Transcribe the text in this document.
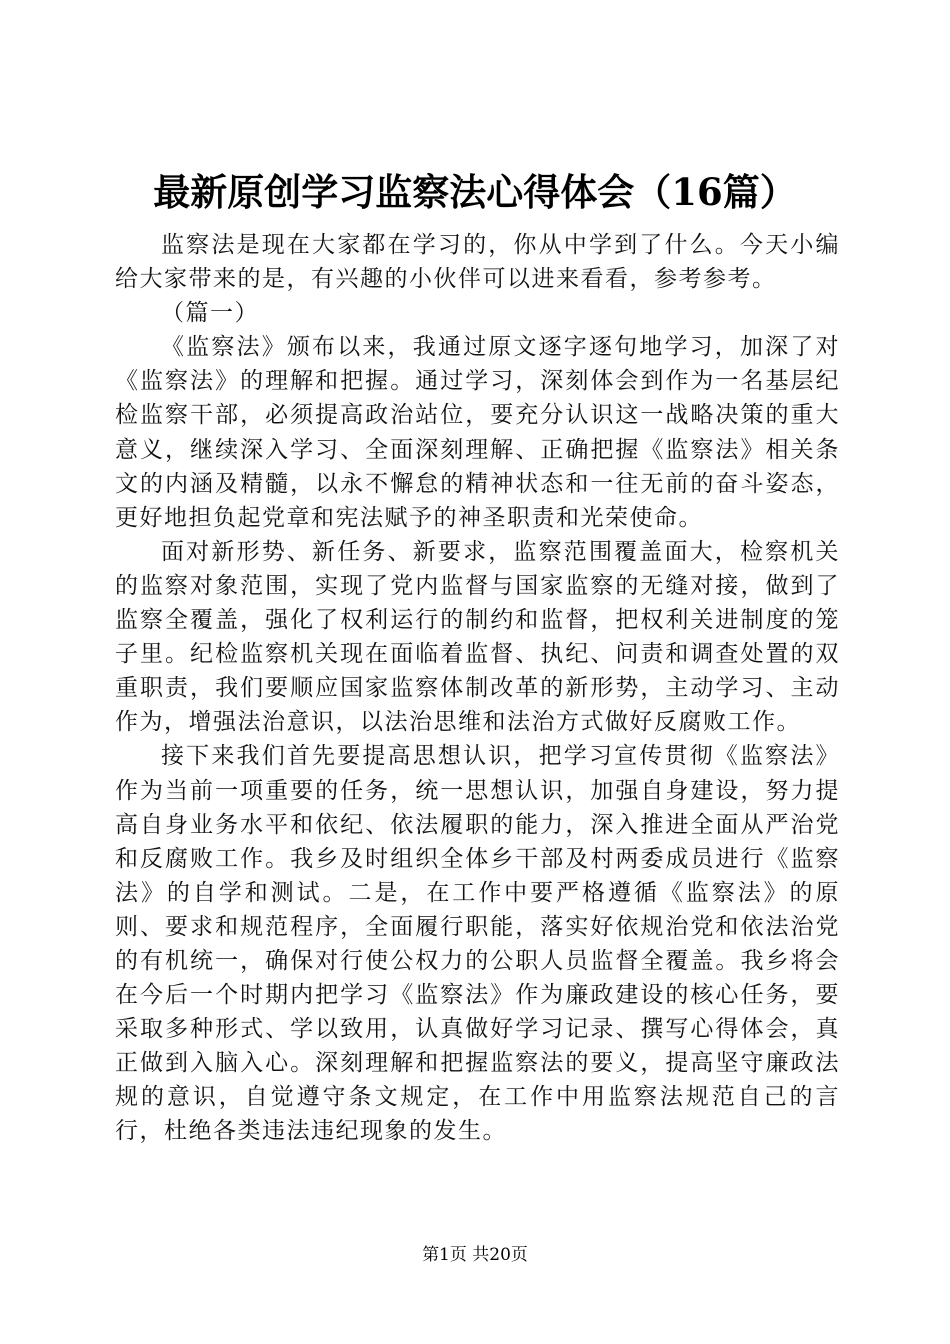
最新原创学习监察法心得体会（16篇）

监察法是现在大家都在学习的，你从中学到了什么。今天小编给大家带来的是，有兴趣的小伙伴可以进来看看，参考参考。

（篇一）

《监察法》颁布以来，我通过原文逐字逐句地学习，加深了对《监察法》的理解和把握。通过学习，深刻体会到作为一名基层纪检监察干部，必须提高政治站位，要充分认识这一战略决策的重大意义，继续深入学习、全面深刻理解、正确把握《监察法》相关条文的内涵及精髓，以永不懈怠的精神状态和一往无前的奋斗姿态，更好地担负起党章和宪法赋予的神圣职责和光荣使命。

面对新形势、新任务、新要求，监察范围覆盖面大，检察机关的监察对象范围，实现了党内监督与国家监察的无缝对接，做到了监察全覆盖，强化了权利运行的制约和监督，把权利关进制度的笼子里。纪检监察机关现在面临着监督、执纪、问责和调查处置的双重职责，我们要顺应国家监察体制改革的新形势，主动学习、主动作为，增强法治意识，以法治思维和法治方式做好反腐败工作。

接下来我们首先要提高思想认识，把学习宣传贯彻《监察法》作为当前一项重要的任务，统一思想认识，加强自身建设，努力提高自身业务水平和依纪、依法履职的能力，深入推进全面从严治党和反腐败工作。我乡及时组织全体乡干部及村两委成员进行《监察法》的自学和测试。二是，在工作中要严格遵循《监察法》的原则、要求和规范程序，全面履行职能，落实好依规治党和依法治党的有机统一，确保对行使公权力的公职人员监督全覆盖。我乡将会在今后一个时期内把学习《监察法》作为廉政建设的核心任务，要采取多种形式、学以致用，认真做好学习记录、撰写心得体会，真正做到入脑入心。深刻理解和把握监察法的要义，提高坚守廉政法规的意识，自觉遵守条文规定，在工作中用监察法规范自己的言行，杜绝各类违法违纪现象的发生。

第1页 共20页
